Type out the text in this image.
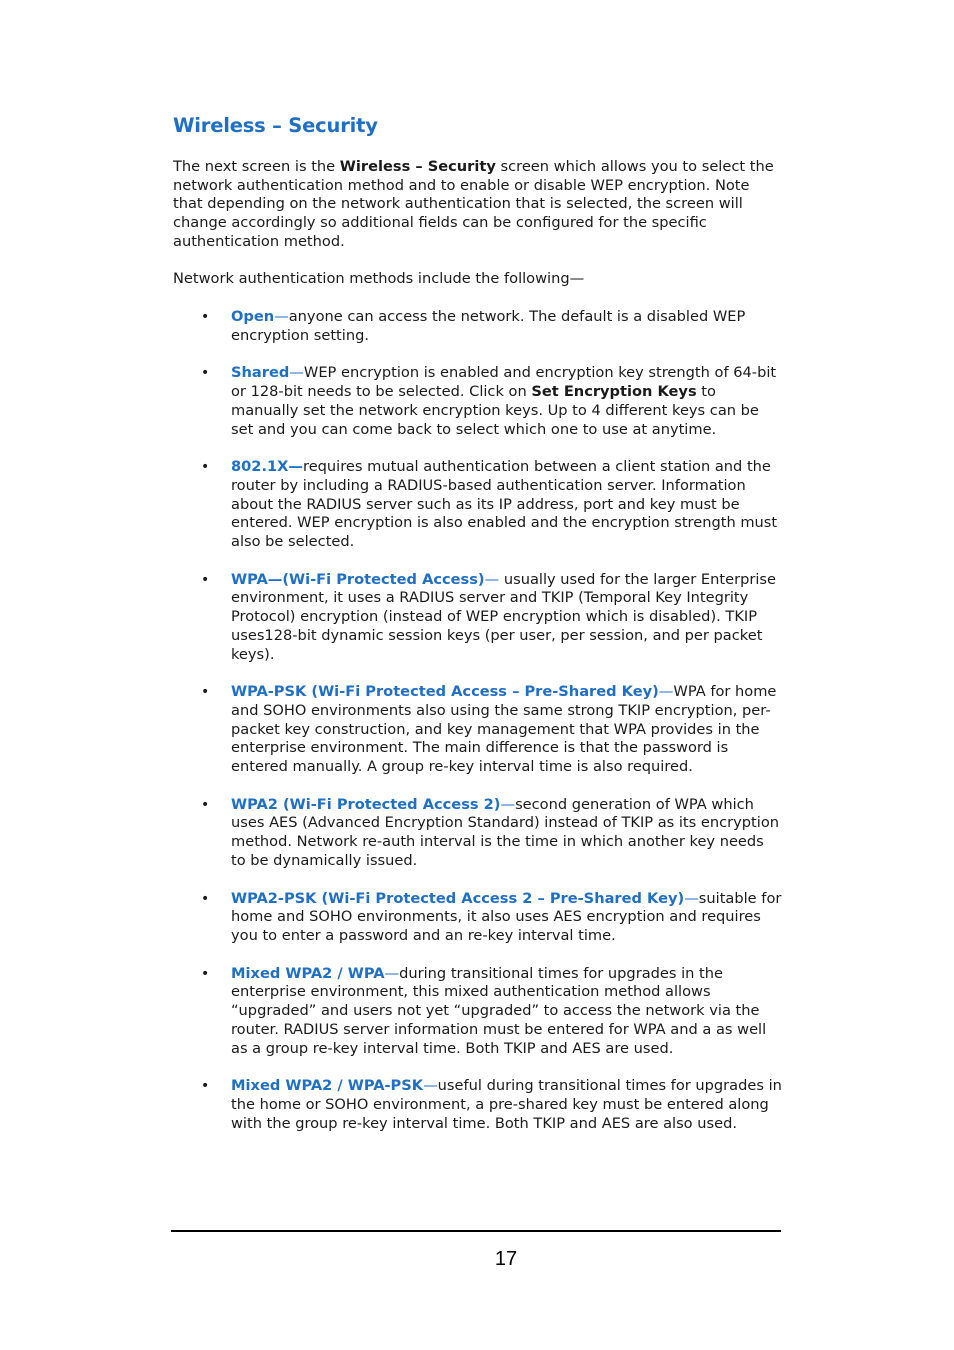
Wireless – Security

The next screen is the Wireless – Security screen which allows you to select the network authentication method and to enable or disable WEP encryption. Note that depending on the network authentication that is selected, the screen will change accordingly so additional fields can be configured for the specific authentication method.

Network authentication methods include the following—

• Open—anyone can access the network. The default is a disabled WEP encryption setting.
• Shared—WEP encryption is enabled and encryption key strength of 64-bit or 128-bit needs to be selected. Click on Set Encryption Keys to manually set the network encryption keys. Up to 4 different keys can be set and you can come back to select which one to use at anytime.
• 802.1X—requires mutual authentication between a client station and the router by including a RADIUS-based authentication server. Information about the RADIUS server such as its IP address, port and key must be entered. WEP encryption is also enabled and the encryption strength must also be selected.
• WPA—(Wi-Fi Protected Access)— usually used for the larger Enterprise environment, it uses a RADIUS server and TKIP (Temporal Key Integrity Protocol) encryption (instead of WEP encryption which is disabled). TKIP uses128-bit dynamic session keys (per user, per session, and per packet keys).
• WPA-PSK (Wi-Fi Protected Access – Pre-Shared Key)—WPA for home and SOHO environments also using the same strong TKIP encryption, per-packet key construction, and key management that WPA provides in the enterprise environment. The main difference is that the password is entered manually. A group re-key interval time is also required.
• WPA2 (Wi-Fi Protected Access 2)—second generation of WPA which uses AES (Advanced Encryption Standard) instead of TKIP as its encryption method. Network re-auth interval is the time in which another key needs to be dynamically issued.
• WPA2-PSK (Wi-Fi Protected Access 2 – Pre-Shared Key)—suitable for home and SOHO environments, it also uses AES encryption and requires you to enter a password and an re-key interval time.
• Mixed WPA2 / WPA—during transitional times for upgrades in the enterprise environment, this mixed authentication method allows “upgraded” and users not yet “upgraded” to access the network via the router. RADIUS server information must be entered for WPA and a as well as a group re-key interval time. Both TKIP and AES are used.
• Mixed WPA2 / WPA-PSK—useful during transitional times for upgrades in the home or SOHO environment, a pre-shared key must be entered along with the group re-key interval time. Both TKIP and AES are also used.
17
